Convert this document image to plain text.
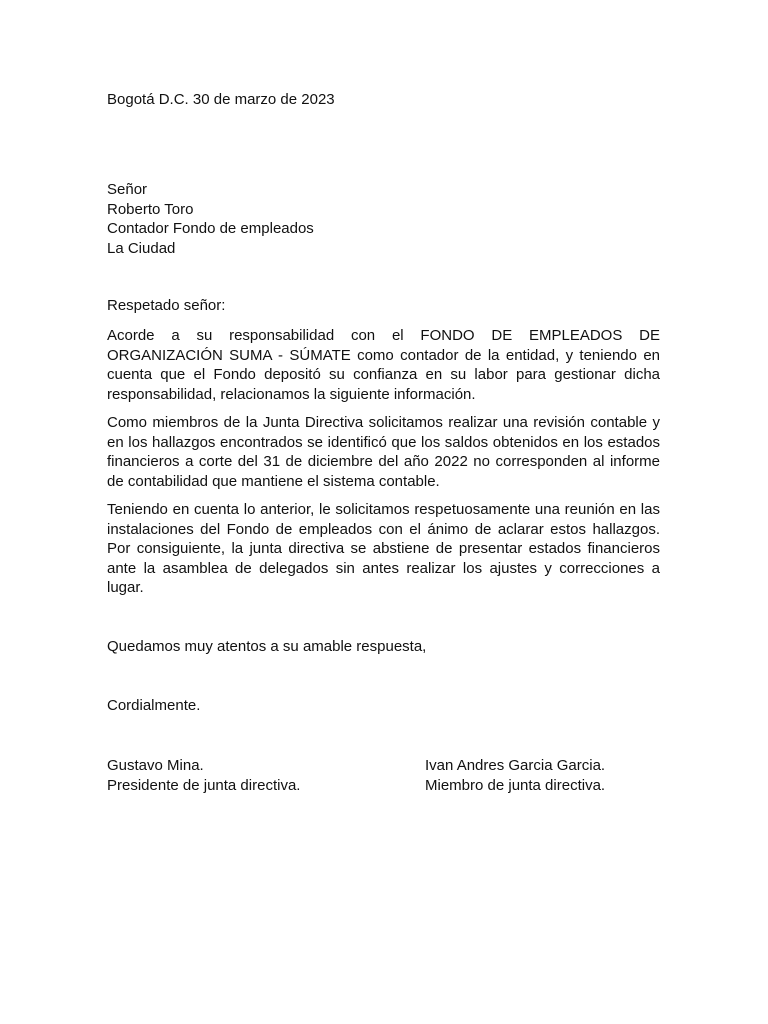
Bogotá D.C. 30 de marzo de 2023
Señor
Roberto Toro
Contador Fondo de empleados
La Ciudad
Respetado señor:

Acorde a su responsabilidad con el FONDO DE EMPLEADOS DE ORGANIZACIÓN SUMA - SÚMATE como contador de la entidad, y teniendo en cuenta que el Fondo depositó su confianza en su labor para gestionar dicha responsabilidad, relacionamos la siguiente información.

Como miembros de la Junta Directiva solicitamos realizar una revisión contable y en los hallazgos encontrados se identificó que los saldos obtenidos en los estados financieros a corte del 31 de diciembre del año 2022 no corresponden al informe de contabilidad que mantiene el sistema contable.

Teniendo en cuenta lo anterior, le solicitamos respetuosamente una reunión en las instalaciones del Fondo de empleados con el ánimo de aclarar estos hallazgos. Por consiguiente, la junta directiva se abstiene de presentar estados financieros ante la asamblea de delegados sin antes realizar los ajustes y correcciones a lugar.

Quedamos muy atentos a su amable respuesta,
Cordialmente.
Gustavo Mina.
Presidente de junta directiva.
Ivan Andres Garcia Garcia.
Miembro de junta directiva.
